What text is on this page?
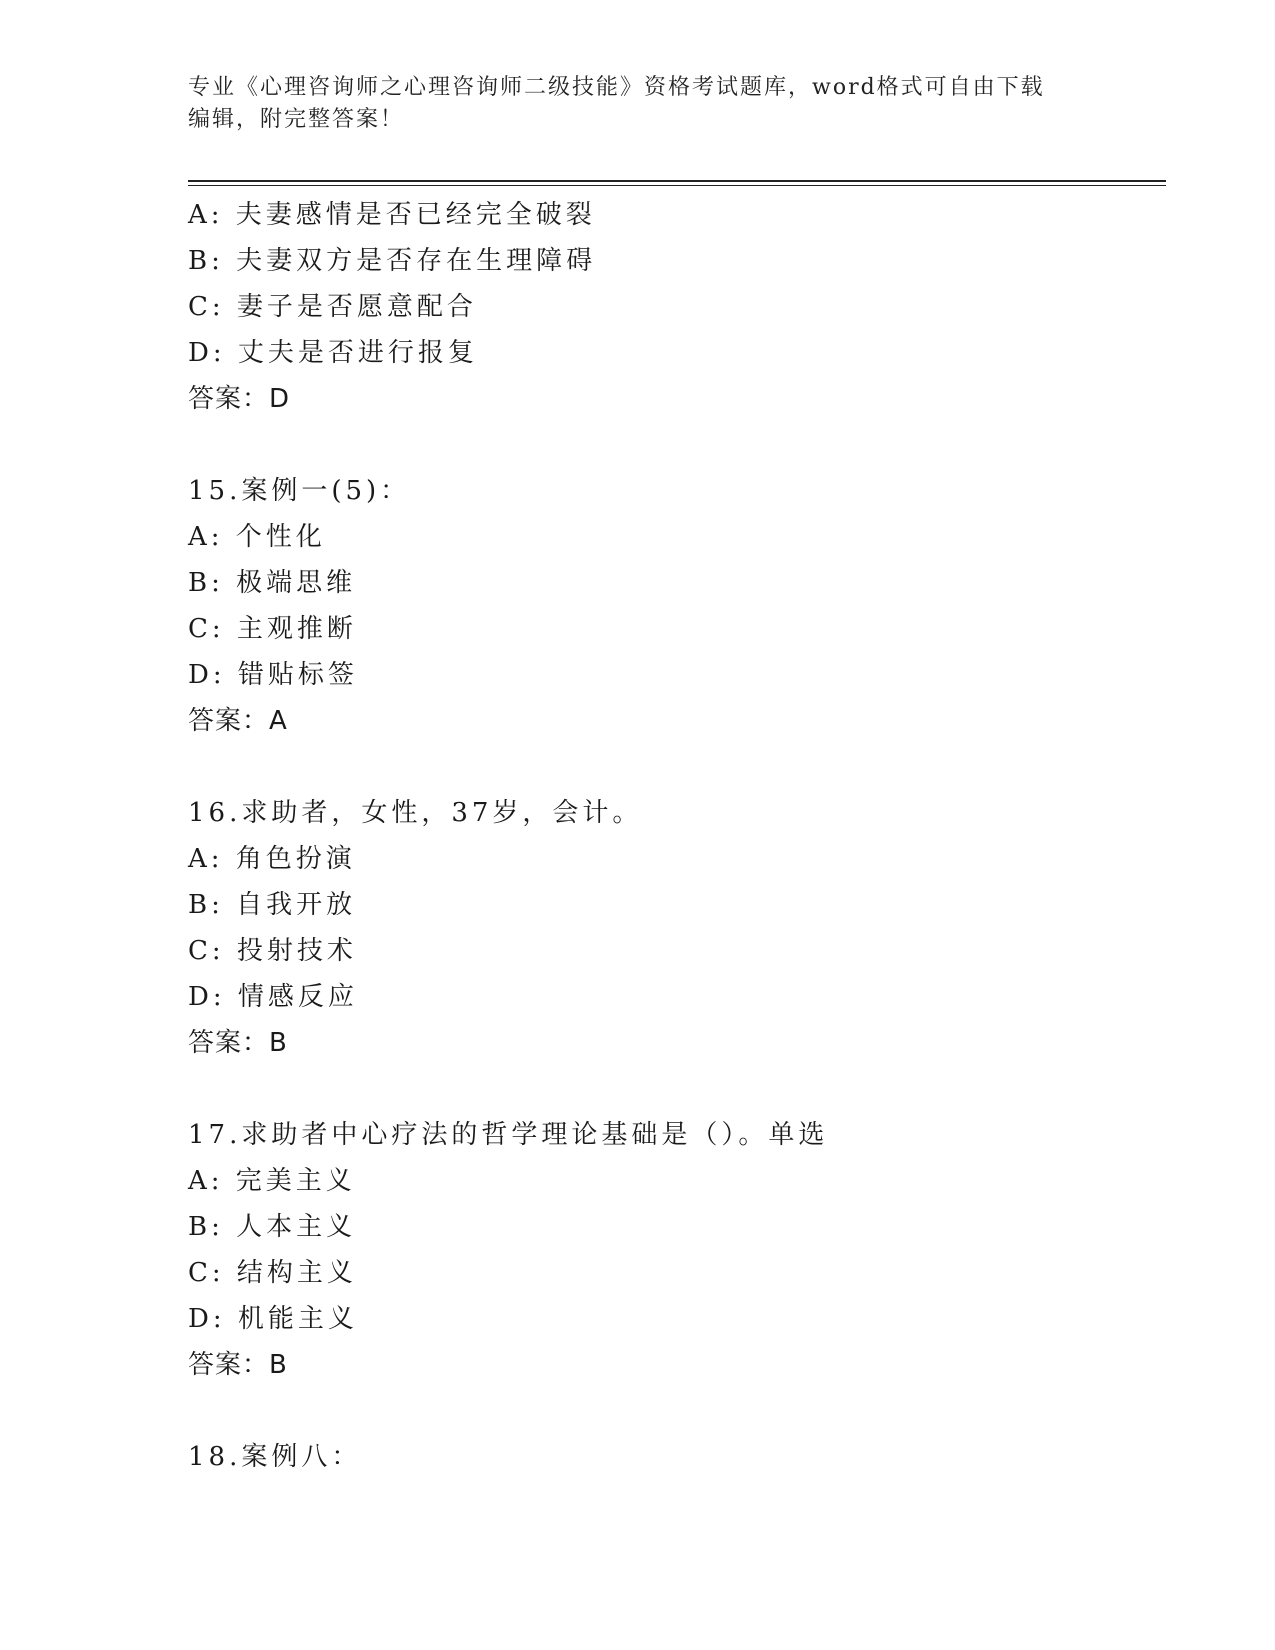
专业《心理咨询师之心理咨询师二级技能》资格考试题库，word格式可自由下载
编辑，附完整答案！
A: 夫妻感情是否已经完全破裂
B: 夫妻双方是否存在生理障碍
C: 妻子是否愿意配合
D: 丈夫是否进行报复
答案：D
15.案例一(5)：
A: 个性化
B: 极端思维
C: 主观推断
D: 错贴标签
答案：A
16.求助者，女性，37岁，会计。
A: 角色扮演
B: 自我开放
C: 投射技术
D: 情感反应
答案：B
17.求助者中心疗法的哲学理论基础是（）。单选
A: 完美主义
B: 人本主义
C: 结构主义
D: 机能主义
答案：B
18.案例八：
